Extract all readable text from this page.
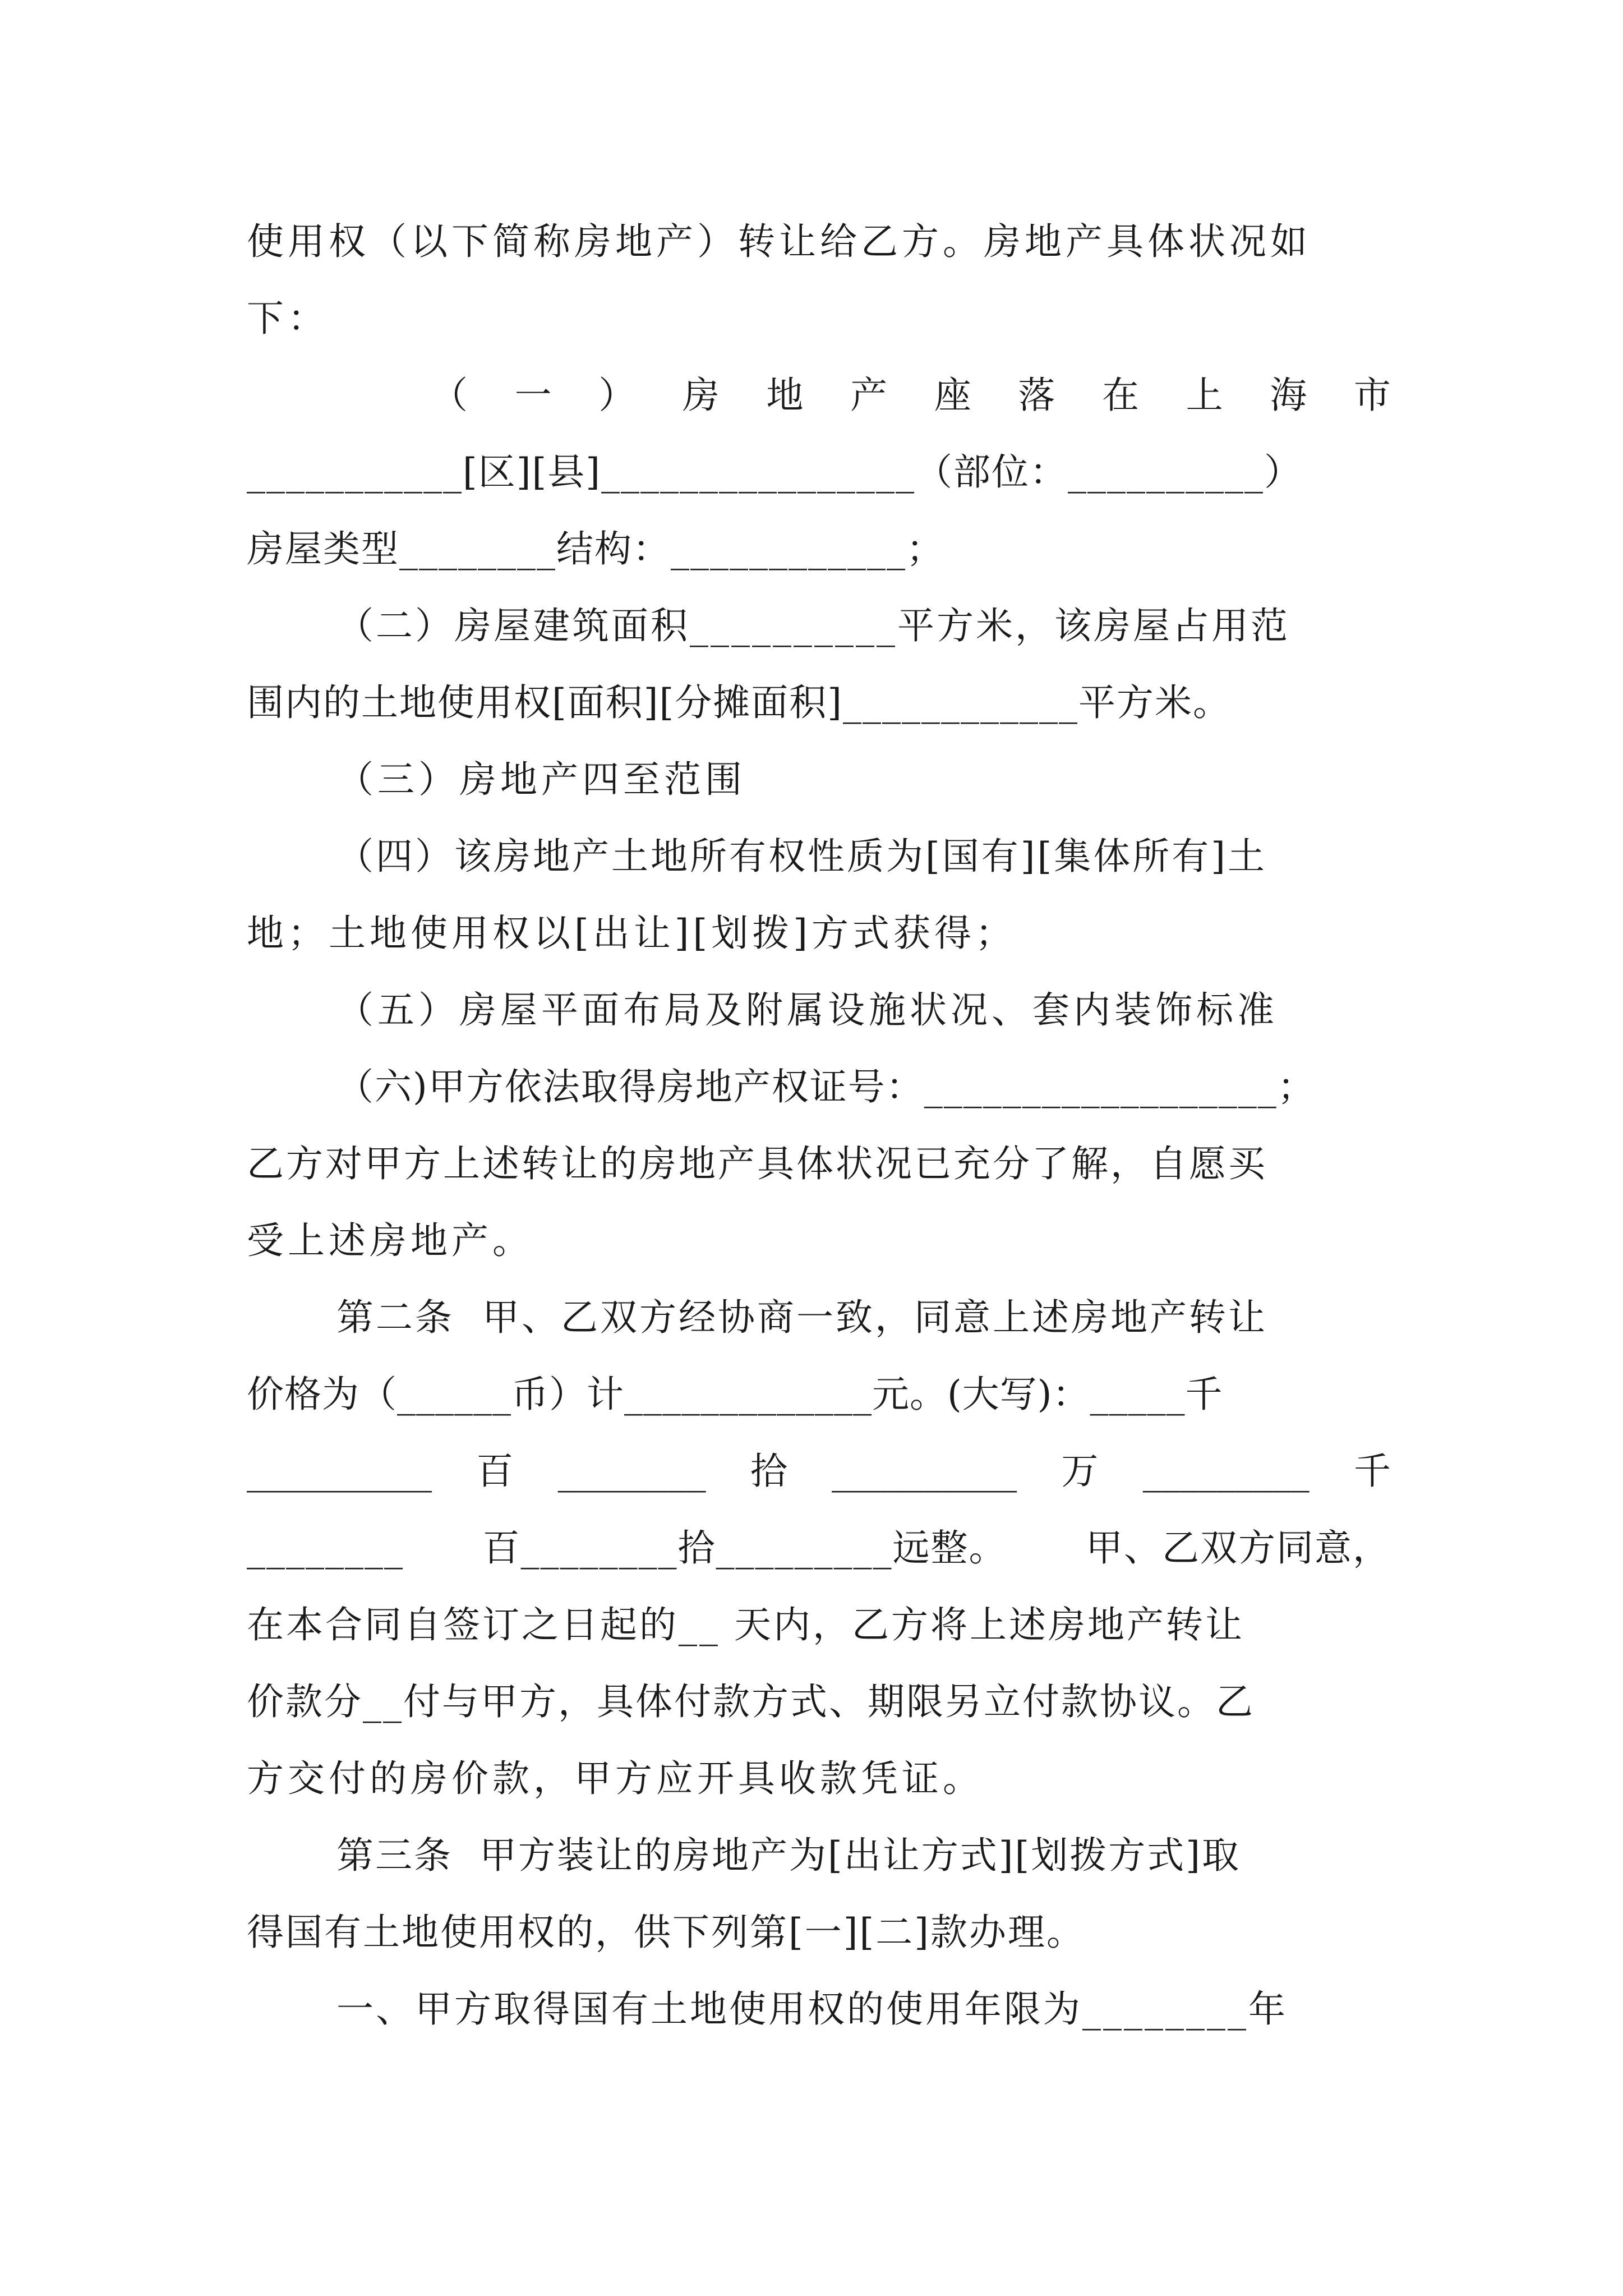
使用权（以下简称房地产）转让给乙方。房地产具体状况如
下：
（ 一 ） 房 地 产 座 落 在 上 海 市
___________[区][县]________________（部位：__________）
房屋类型________结构：____________；
（二）房屋建筑面积__________平方米，该房屋占用范
围内的土地使用权[面积][分摊面积]____________平方米。
（三）房地产四至范围
（四）该房地产土地所有权性质为[国有][集体所有]土
地；土地使用权以[出让][划拨]方式获得；
（五）房屋平面布局及附属设施状况、套内装饰标准
（六)甲方依法取得房地产权证号：__________________；
乙方对甲方上述转让的房地产具体状况已充分了解，自愿买
受上述房地产。
第二条  甲、乙双方经协商一致，同意上述房地产转让
价格为（______币）计_____________元。(大写)：_____千
__________ 百 ________ 拾 __________ 万 _________ 千
________ 百________拾_________远整。 甲、乙双方同意，
在本合同自签订之日起的__ 天内，乙方将上述房地产转让
价款分__付与甲方，具体付款方式、期限另立付款协议。乙
方交付的房价款，甲方应开具收款凭证。
第三条  甲方装让的房地产为[出让方式][划拨方式]取
得国有土地使用权的，供下列第[一][二]款办理。
一、甲方取得国有土地使用权的使用年限为________年
